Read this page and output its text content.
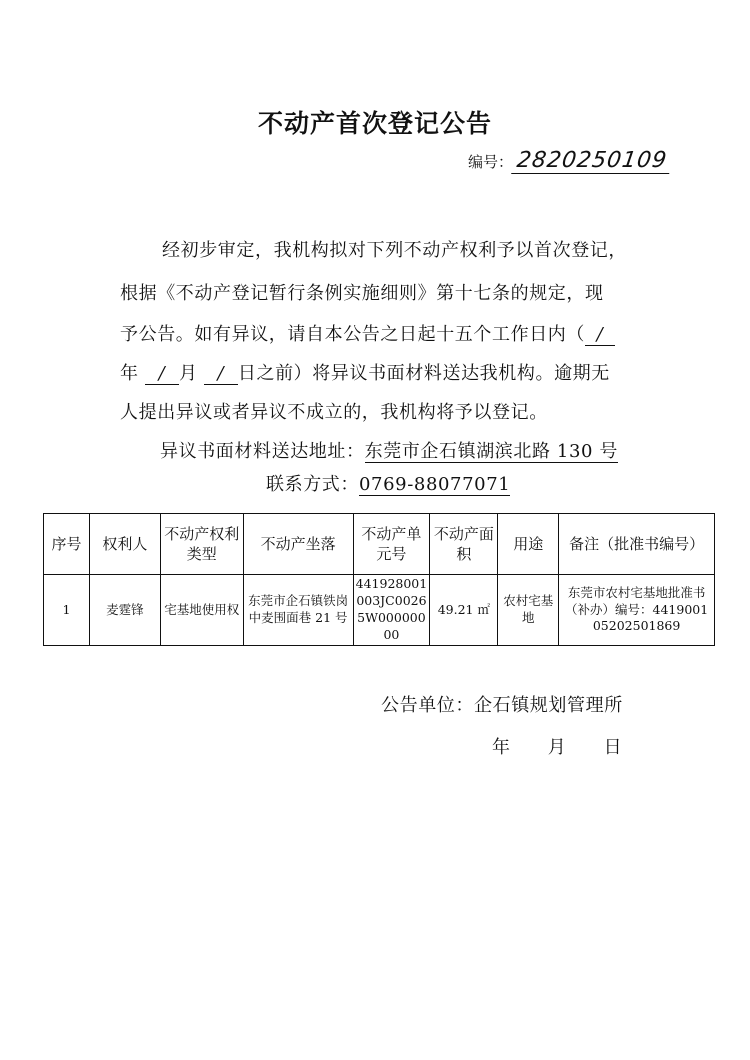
不动产首次登记公告
编号： 2820250109
经初步审定，我机构拟对下列不动产权利予以首次登记，
根据《不动产登记暂行条例实施细则》第十七条的规定，现
予公告。如有异议，请自本公告之日起十五个工作日内（ /
年 / 月 / 日之前）将异议书面材料送达我机构。逾期无
人提出异议或者异议不成立的，我机构将予以登记。
异议书面材料送达地址：东莞市企石镇湖滨北路 130 号
联系方式：0769-88077071
序号	权利人	不动产权利类型	不动产坐落	不动产单元号	不动产面积	用途	备注（批准书编号）
1	麦霆锋	宅基地使用权	东莞市企石镇铁岗中麦围面巷 21 号	441928001003JC00265W00000000	49.21 ㎡	农村宅基地	东莞市农村宅基地批准书（补办）编号：441900105202501869
公告单位：企石镇规划管理所
年　　月　　日
